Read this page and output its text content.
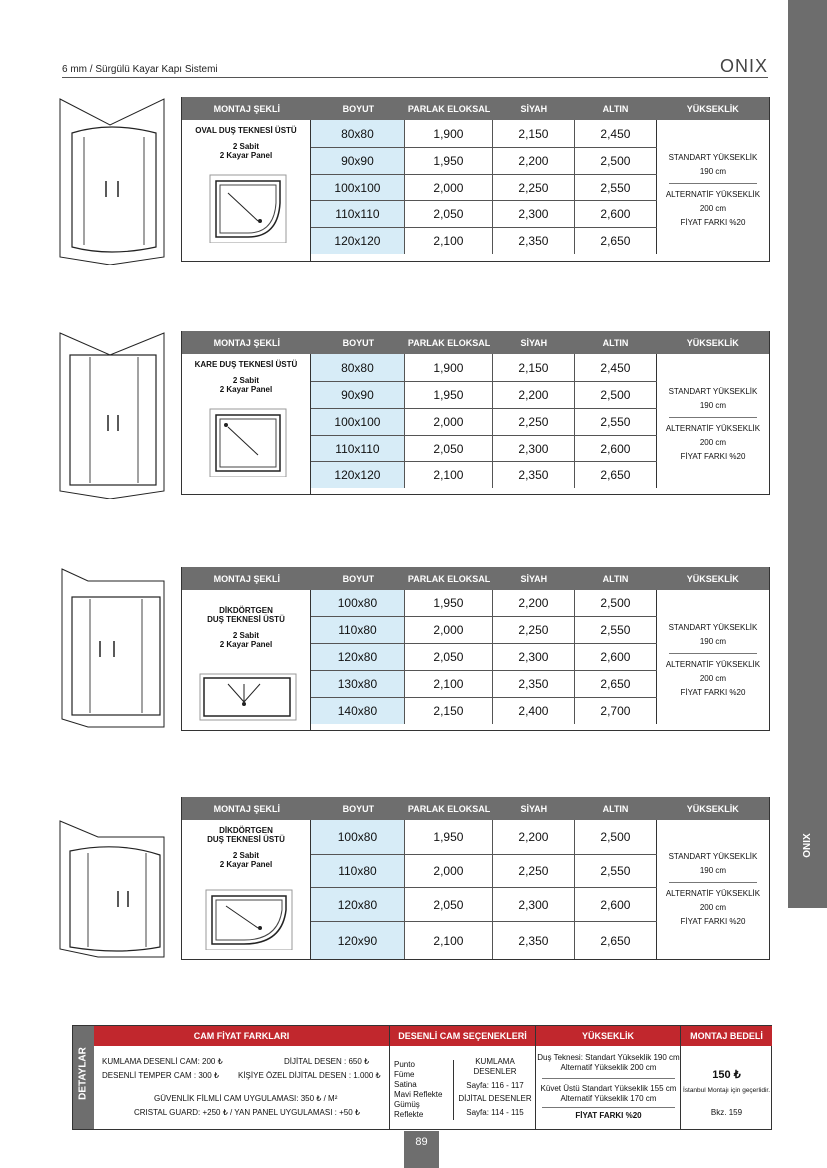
6 mm / Sürgülü Kayar Kapı Sistemi	ONIX
ONIX
MONTAJ ŞEKLİ	BOYUT	PARLAK ELOKSAL	SİYAH	ALTIN	YÜKSEKLİK
OVAL DUŞ TEKNESİ ÜSTÜ
2 Sabit
2 Kayar Panel
80x80	1,900	2,150	2,450
90x90	1,950	2,200	2,500
100x100	2,000	2,250	2,550
110x110	2,050	2,300	2,600
120x120	2,100	2,350	2,650
STANDART YÜKSEKLİK
190 cm
ALTERNATİF YÜKSEKLİK
200 cm
FİYAT FARKI %20
MONTAJ ŞEKLİ	BOYUT	PARLAK ELOKSAL	SİYAH	ALTIN	YÜKSEKLİK
KARE DUŞ TEKNESİ ÜSTÜ
2 Sabit
2 Kayar Panel
80x80	1,900	2,150	2,450
90x90	1,950	2,200	2,500
100x100	2,000	2,250	2,550
110x110	2,050	2,300	2,600
120x120	2,100	2,350	2,650
STANDART YÜKSEKLİK
190 cm
ALTERNATİF YÜKSEKLİK
200 cm
FİYAT FARKI %20
MONTAJ ŞEKLİ	BOYUT	PARLAK ELOKSAL	SİYAH	ALTIN	YÜKSEKLİK
DİKDÖRTGEN
DUŞ TEKNESİ ÜSTÜ
2 Sabit
2 Kayar Panel
100x80	1,950	2,200	2,500
110x80	2,000	2,250	2,550
120x80	2,050	2,300	2,600
130x80	2,100	2,350	2,650
140x80	2,150	2,400	2,700
STANDART YÜKSEKLİK
190 cm
ALTERNATİF YÜKSEKLİK
200 cm
FİYAT FARKI %20
MONTAJ ŞEKLİ	BOYUT	PARLAK ELOKSAL	SİYAH	ALTIN	YÜKSEKLİK
DİKDÖRTGEN
DUŞ TEKNESİ ÜSTÜ
2 Sabit
2 Kayar Panel
100x80	1,950	2,200	2,500
110x80	2,000	2,250	2,550
120x80	2,050	2,300	2,600
120x90	2,100	2,350	2,650
STANDART YÜKSEKLİK
190 cm
ALTERNATİF YÜKSEKLİK
200 cm
FİYAT FARKI %20
DETAYLAR
CAM FİYAT FARKLARI
KUMLAMA DESENLİ CAM: 200 ₺	DİJİTAL DESEN : 650 ₺
DESENLİ TEMPER CAM : 300 ₺ KİŞİYE ÖZEL DİJİTAL DESEN : 1.000 ₺
GÜVENLİK FİLMLİ CAM UYGULAMASI: 350 ₺ / M²
CRISTAL GUARD: +250 ₺ / YAN PANEL UYGULAMASI : +50 ₺
DESENLİ CAM SEÇENEKLERİ
Punto
Füme
Satina
Mavi Reflekte
Gümüş Reflekte
KUMLAMA DESENLER
Sayfa: 116 - 117
DİJİTAL DESENLER
Sayfa: 114 - 115
YÜKSEKLİK
Duş Teknesi: Standart Yükseklik 190 cm
Alternatif Yükseklik 200 cm
Küvet Üstü Standart Yükseklik 155 cm
Alternatif Yükseklik 170 cm
FİYAT FARKI %20
MONTAJ BEDELİ
150 ₺
İstanbul Montajı için geçerlidir.
Bkz. 159
89
